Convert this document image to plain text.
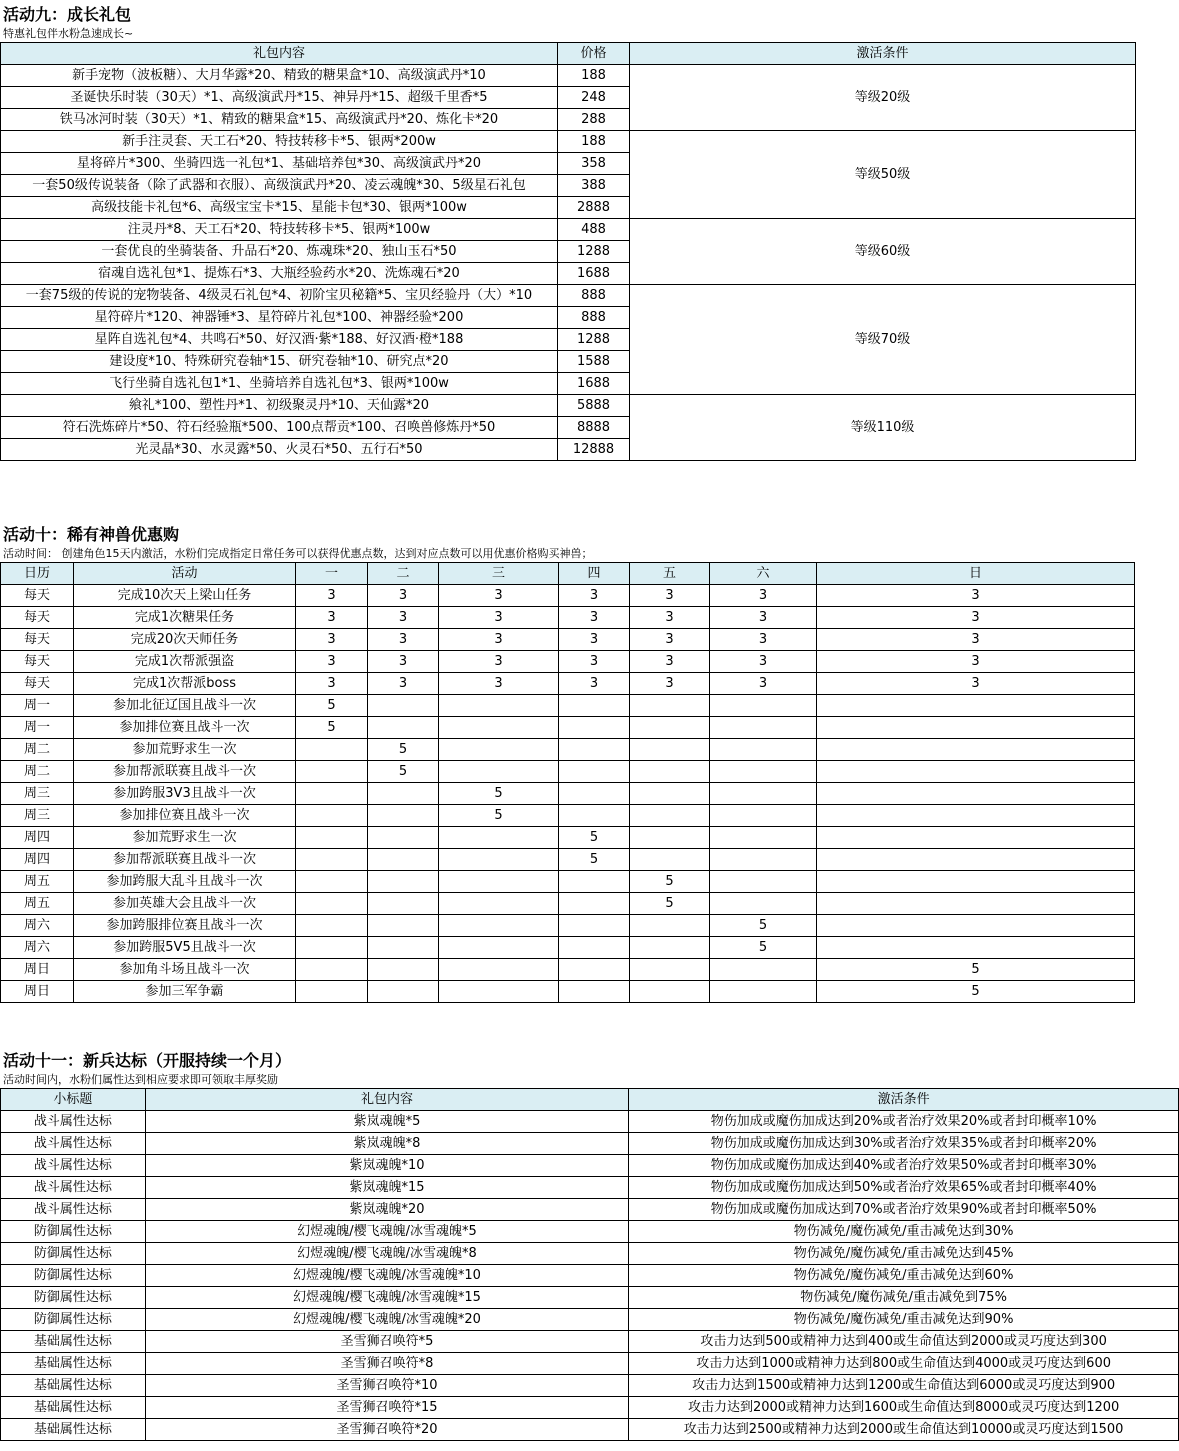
活动九：成长礼包
特惠礼包伴水粉急速成长~
礼包内容	价格	激活条件
新手宠物（波板糖）、大月华露*20、精致的糖果盒*10、高级演武丹*10	188	等级20级
圣诞快乐时装（30天）*1、高级演武丹*15、神异丹*15、超级千里香*5	248	
铁马冰河时装（30天）*1、精致的糖果盒*15、高级演武丹*20、炼化卡*20	288	
新手注灵套、天工石*20、特技转移卡*5、银两*200w	188	等级50级
星将碎片*300、坐骑四选一礼包*1、基础培养包*30、高级演武丹*20	358	
一套50级传说装备（除了武器和衣服）、高级演武丹*20、凌云魂魄*30、5级星石礼包	388	
高级技能卡礼包*6、高级宝宝卡*15、星能卡包*30、银两*100w	2888	
注灵丹*8、天工石*20、特技转移卡*5、银两*100w	488	等级60级
一套优良的坐骑装备、升品石*20、炼魂珠*20、独山玉石*50	1288	
宿魂自选礼包*1、提炼石*3、大瓶经验药水*20、洗炼魂石*20	1688	
一套75级的传说的宠物装备、4级灵石礼包*4、初阶宝贝秘籍*5、宝贝经验丹（大）*10	888	等级70级
星符碎片*120、神器锤*3、星符碎片礼包*100、神器经验*200	888	
星阵自选礼包*4、共鸣石*50、好汉酒·紫*188、好汉酒·橙*188	1288	
建设度*10、特殊研究卷轴*15、研究卷轴*10、研究点*20	1588	
飞行坐骑自选礼包1*1、坐骑培养自选礼包*3、银两*100w	1688	
飨礼*100、塑性丹*1、初级聚灵丹*10、天仙露*20	5888	等级110级
符石洗炼碎片*50、符石经验瓶*500、100点帮贡*100、召唤兽修炼丹*50	8888	
光灵晶*30、水灵露*50、火灵石*50、五行石*50	12888	
活动十：稀有神兽优惠购
活动时间： 创建角色15天内激活，水粉们完成指定日常任务可以获得优惠点数，达到对应点数可以用优惠价格购买神兽；
日历	活动	一	二	三	四	五	六	日
每天	完成10次天上梁山任务	3	3	3	3	3	3	3
每天	完成1次糖果任务	3	3	3	3	3	3	3
每天	完成20次天师任务	3	3	3	3	3	3	3
每天	完成1次帮派强盗	3	3	3	3	3	3	3
每天	完成1次帮派boss	3	3	3	3	3	3	3
周一	参加北征辽国且战斗一次	5						
周一	参加排位赛且战斗一次	5						
周二	参加荒野求生一次		5					
周二	参加帮派联赛且战斗一次		5					
周三	参加跨服3V3且战斗一次			5				
周三	参加排位赛且战斗一次			5				
周四	参加荒野求生一次				5			
周四	参加帮派联赛且战斗一次				5			
周五	参加跨服大乱斗且战斗一次					5		
周五	参加英雄大会且战斗一次					5		
周六	参加跨服排位赛且战斗一次						5	
周六	参加跨服5V5且战斗一次						5	
周日	参加角斗场且战斗一次							5
周日	参加三军争霸							5
活动十一：新兵达标（开服持续一个月）
活动时间内，水粉们属性达到相应要求即可领取丰厚奖励
小标题	礼包内容	激活条件
战斗属性达标	紫岚魂魄*5	物伤加成或魔伤加成达到20%或者治疗效果20%或者封印概率10%
战斗属性达标	紫岚魂魄*8	物伤加成或魔伤加成达到30%或者治疗效果35%或者封印概率20%
战斗属性达标	紫岚魂魄*10	物伤加成或魔伤加成达到40%或者治疗效果50%或者封印概率30%
战斗属性达标	紫岚魂魄*15	物伤加成或魔伤加成达到50%或者治疗效果65%或者封印概率40%
战斗属性达标	紫岚魂魄*20	物伤加成或魔伤加成达到70%或者治疗效果90%或者封印概率50%
防御属性达标	幻煜魂魄/樱飞魂魄/冰雪魂魄*5	物伤减免/魔伤减免/重击减免达到30%
防御属性达标	幻煜魂魄/樱飞魂魄/冰雪魂魄*8	物伤减免/魔伤减免/重击减免达到45%
防御属性达标	幻煜魂魄/樱飞魂魄/冰雪魂魄*10	物伤减免/魔伤减免/重击减免达到60%
防御属性达标	幻煜魂魄/樱飞魂魄/冰雪魂魄*15	物伤减免/魔伤减免/重击减免到75%
防御属性达标	幻煜魂魄/樱飞魂魄/冰雪魂魄*20	物伤减免/魔伤减免/重击减免达到90%
基础属性达标	圣雪狮召唤符*5	攻击力达到500或精神力达到400或生命值达到2000或灵巧度达到300
基础属性达标	圣雪狮召唤符*8	攻击力达到1000或精神力达到800或生命值达到4000或灵巧度达到600
基础属性达标	圣雪狮召唤符*10	攻击力达到1500或精神力达到1200或生命值达到6000或灵巧度达到900
基础属性达标	圣雪狮召唤符*15	攻击力达到2000或精神力达到1600或生命值达到8000或灵巧度达到1200
基础属性达标	圣雪狮召唤符*20	攻击力达到2500或精神力达到2000或生命值达到10000或灵巧度达到1500
